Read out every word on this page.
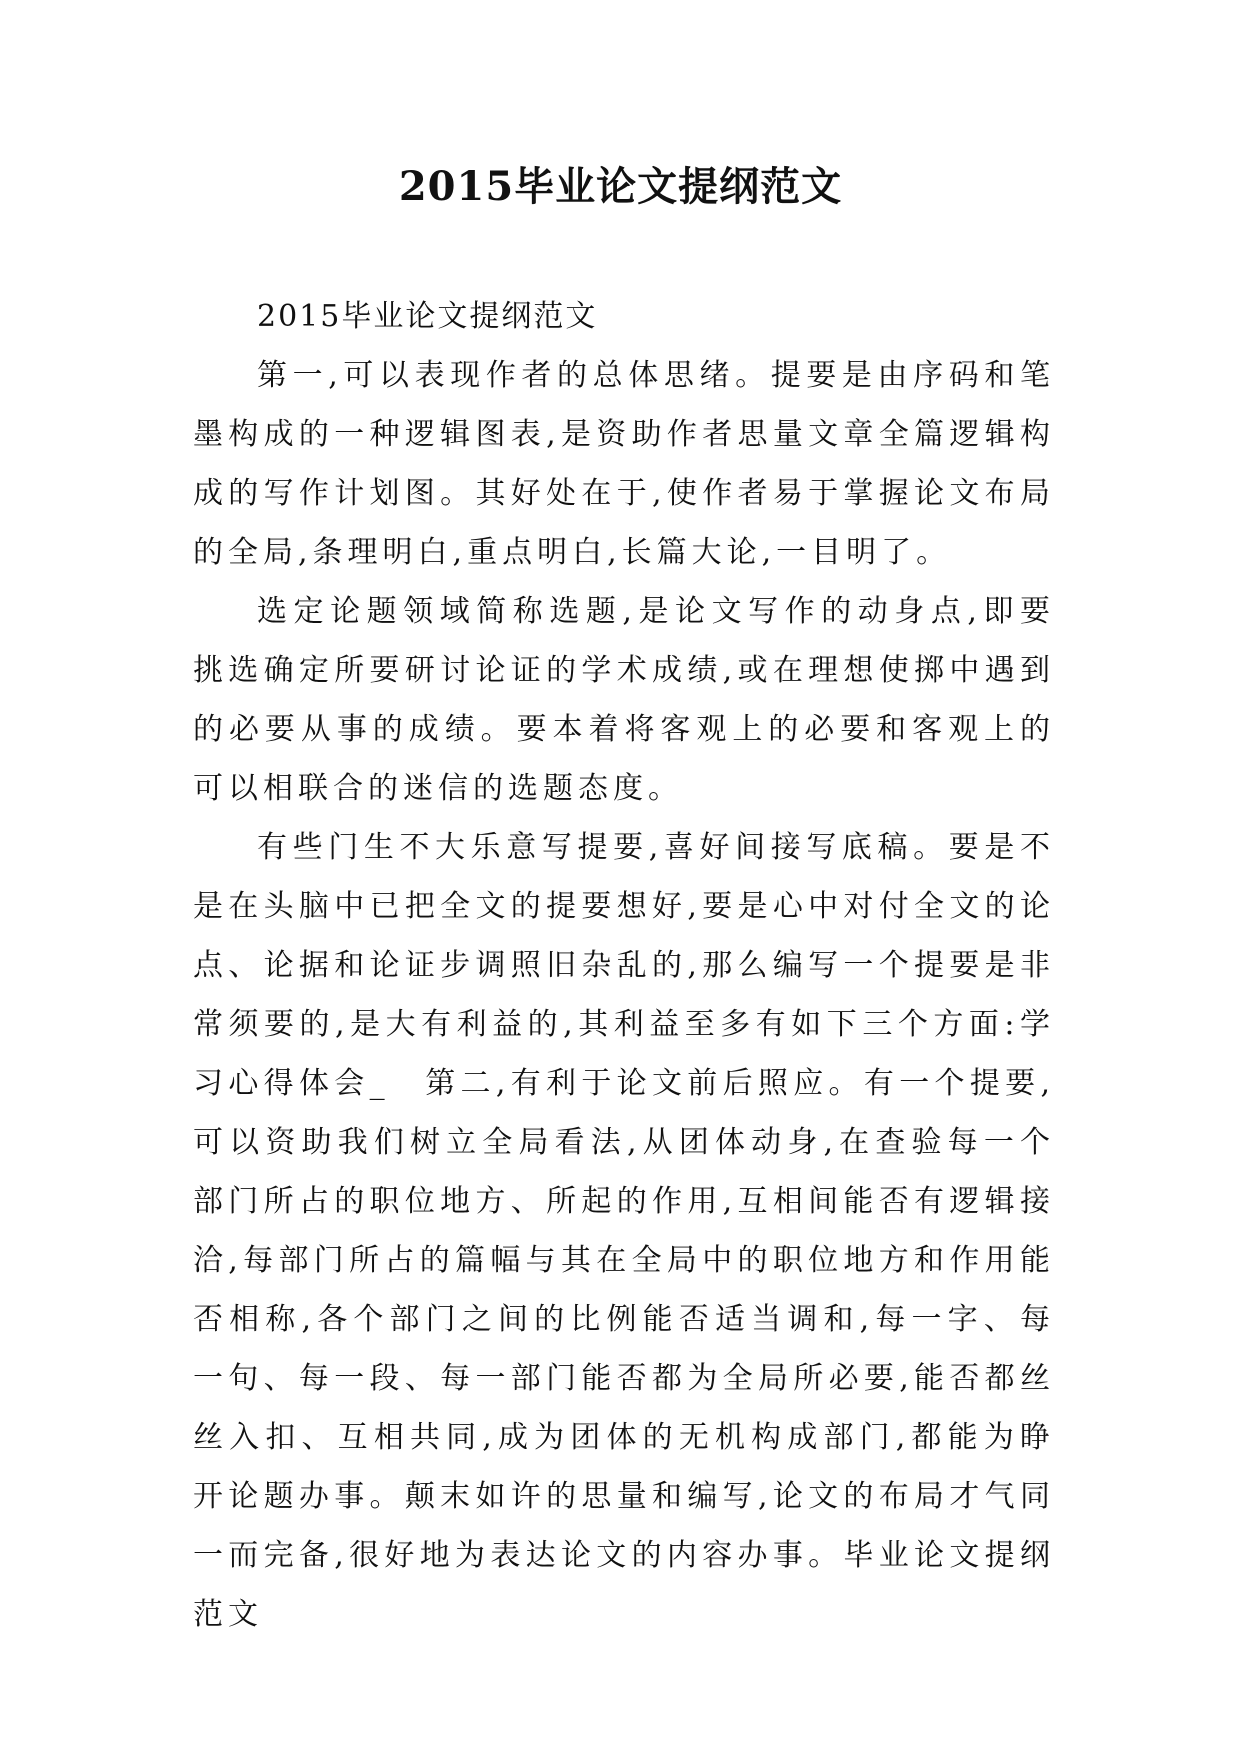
2015毕业论文提纲范文

2015毕业论文提纲范文

第一,可以表现作者的总体思绪。提要是由序码和笔墨构成的一种逻辑图表,是资助作者思量文章全篇逻辑构成的写作计划图。其好处在于,使作者易于掌握论文布局的全局,条理明白,重点明白,长篇大论,一目明了。

选定论题领域简称选题,是论文写作的动身点,即要挑选确定所要研讨论证的学术成绩,或在理想使掷中遇到的必要从事的成绩。要本着将客观上的必要和客观上的可以相联合的迷信的选题态度。

有些门生不大乐意写提要,喜好间接写底稿。要是不是在头脑中已把全文的提要想好,要是心中对付全文的论点、论据和论证步调照旧杂乱的,那么编写一个提要是非常须要的,是大有利益的,其利益至多有如下三个方面:学习心得体会_　第二,有利于论文前后照应。有一个提要,可以资助我们树立全局看法,从团体动身,在查验每一个部门所占的职位地方、所起的作用,互相间能否有逻辑接洽,每部门所占的篇幅与其在全局中的职位地方和作用能否相称,各个部门之间的比例能否适当调和,每一字、每一句、每一段、每一部门能否都为全局所必要,能否都丝丝入扣、互相共同,成为团体的无机构成部门,都能为睁开论题办事。颠末如许的思量和编写,论文的布局才气同一而完备,很好地为表达论文的内容办事。毕业论文提纲范文
